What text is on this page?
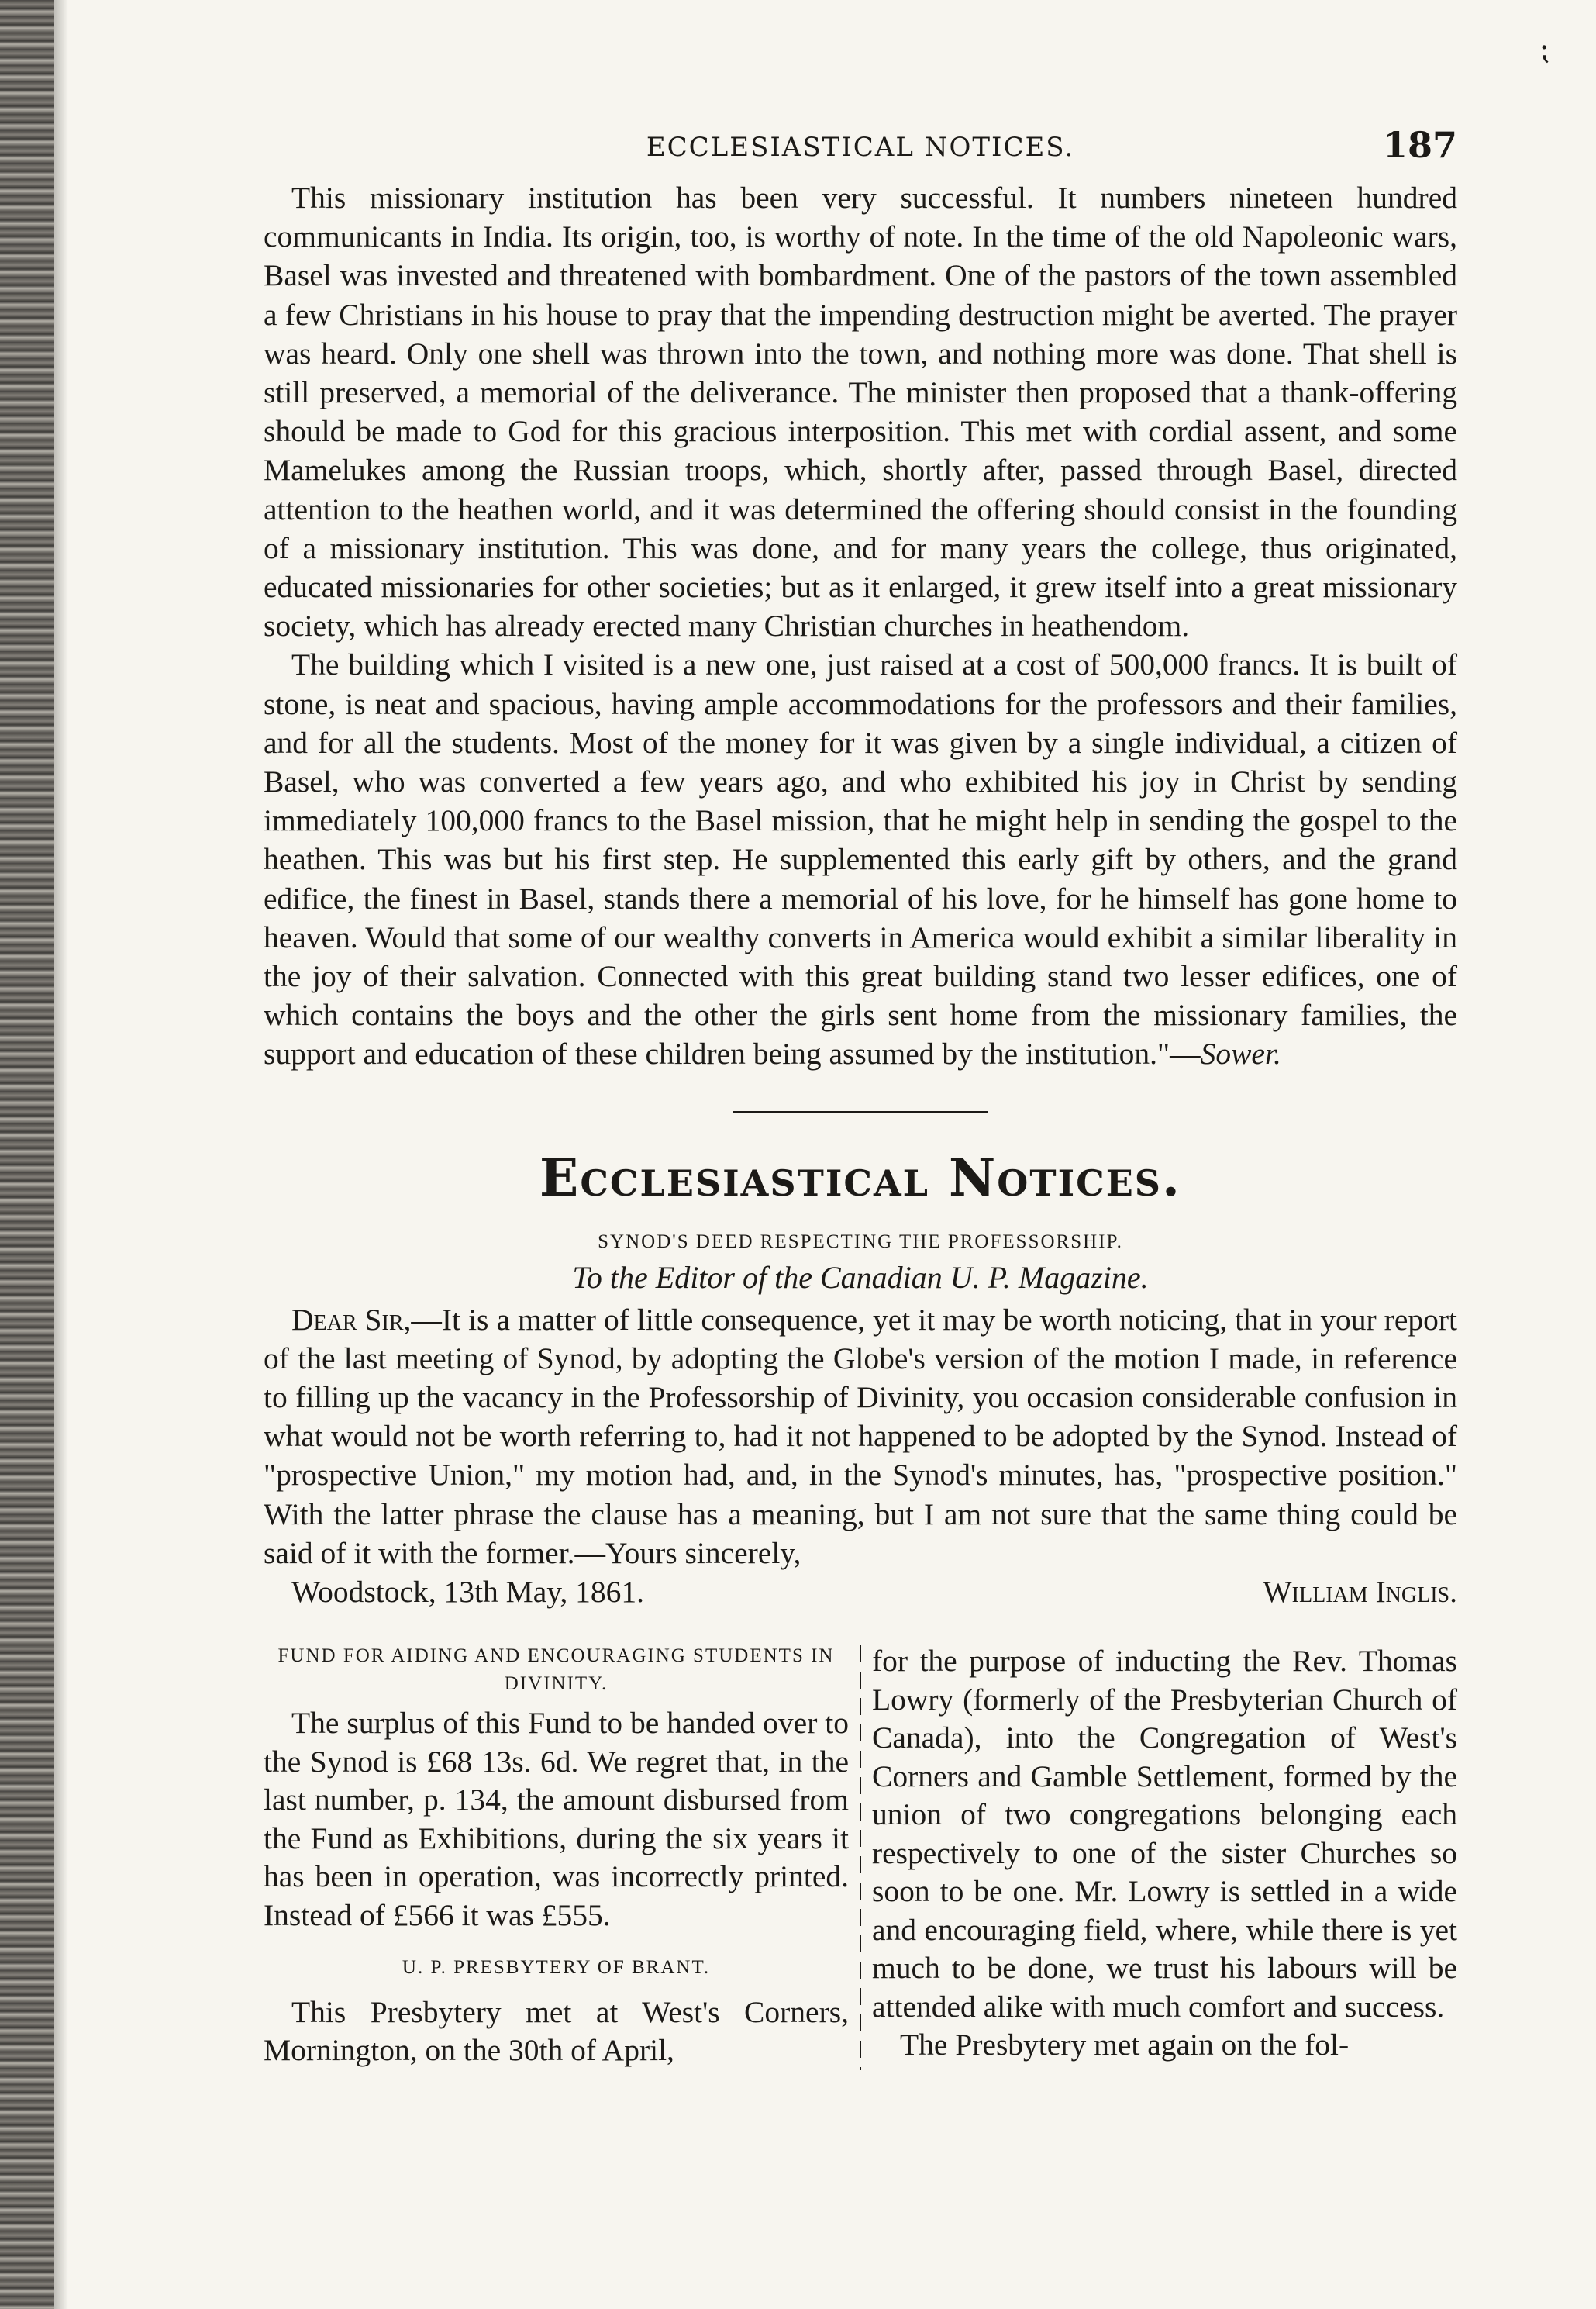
⁏
ECCLESIASTICAL NOTICES.	187

This missionary institution has been very successful. It numbers nineteen hundred communicants in India. Its origin, too, is worthy of note. In the time of the old Napoleonic wars, Basel was invested and threatened with bombardment. One of the pastors of the town assembled a few Christians in his house to pray that the impending destruction might be averted. The prayer was heard. Only one shell was thrown into the town, and nothing more was done. That shell is still preserved, a memorial of the deliverance. The minister then proposed that a thank-offering should be made to God for this gracious interposition. This met with cordial assent, and some Mamelukes among the Russian troops, which, shortly after, passed through Basel, directed attention to the heathen world, and it was determined the offering should consist in the founding of a missionary institution. This was done, and for many years the college, thus originated, educated missionaries for other societies; but as it enlarged, it grew itself into a great missionary society, which has already erected many Christian churches in heathendom.

The building which I visited is a new one, just raised at a cost of 500,000 francs. It is built of stone, is neat and spacious, having ample accommodations for the professors and their families, and for all the students. Most of the money for it was given by a single individual, a citizen of Basel, who was converted a few years ago, and who exhibited his joy in Christ by sending immediately 100,000 francs to the Basel mission, that he might help in sending the gospel to the heathen. This was but his first step. He supplemented this early gift by others, and the grand edifice, the finest in Basel, stands there a memorial of his love, for he himself has gone home to heaven. Would that some of our wealthy converts in America would exhibit a similar liberality in the joy of their salvation. Connected with this great building stand two lesser edifices, one of which contains the boys and the other the girls sent home from the missionary families, the support and education of these children being assumed by the institution."—Sower.

Ecclesiastical Notices.
SYNOD'S DEED RESPECTING THE PROFESSORSHIP.
To the Editor of the Canadian U. P. Magazine.

Dear Sir,—It is a matter of little consequence, yet it may be worth noticing, that in your report of the last meeting of Synod, by adopting the Globe's version of the motion I made, in reference to filling up the vacancy in the Professorship of Divinity, you occasion considerable confusion in what would not be worth referring to, had it not happened to be adopted by the Synod. Instead of "prospective Union," my motion had, and, in the Synod's minutes, has, "prospective position." With the latter phrase the clause has a meaning, but I am not sure that the same thing could be said of it with the former.—Yours sincerely,

Woodstock, 13th May, 1861.	William Inglis.
FUND FOR AIDING AND ENCOURAGING STUDENTS IN DIVINITY.

The surplus of this Fund to be handed over to the Synod is £68 13s. 6d. We regret that, in the last number, p. 134, the amount disbursed from the Fund as Exhibitions, during the six years it has been in operation, was incorrectly printed. Instead of £566 it was £555.

U. P. PRESBYTERY OF BRANT.

This Presbytery met at West's Corners, Mornington, on the 30th of April,

for the purpose of inducting the Rev. Thomas Lowry (formerly of the Presbyterian Church of Canada), into the Congregation of West's Corners and Gamble Settlement, formed by the union of two congregations belonging each respectively to one of the sister Churches so soon to be one. Mr. Lowry is settled in a wide and encouraging field, where, while there is yet much to be done, we trust his labours will be attended alike with much comfort and success.

The Presbytery met again on the fol-
